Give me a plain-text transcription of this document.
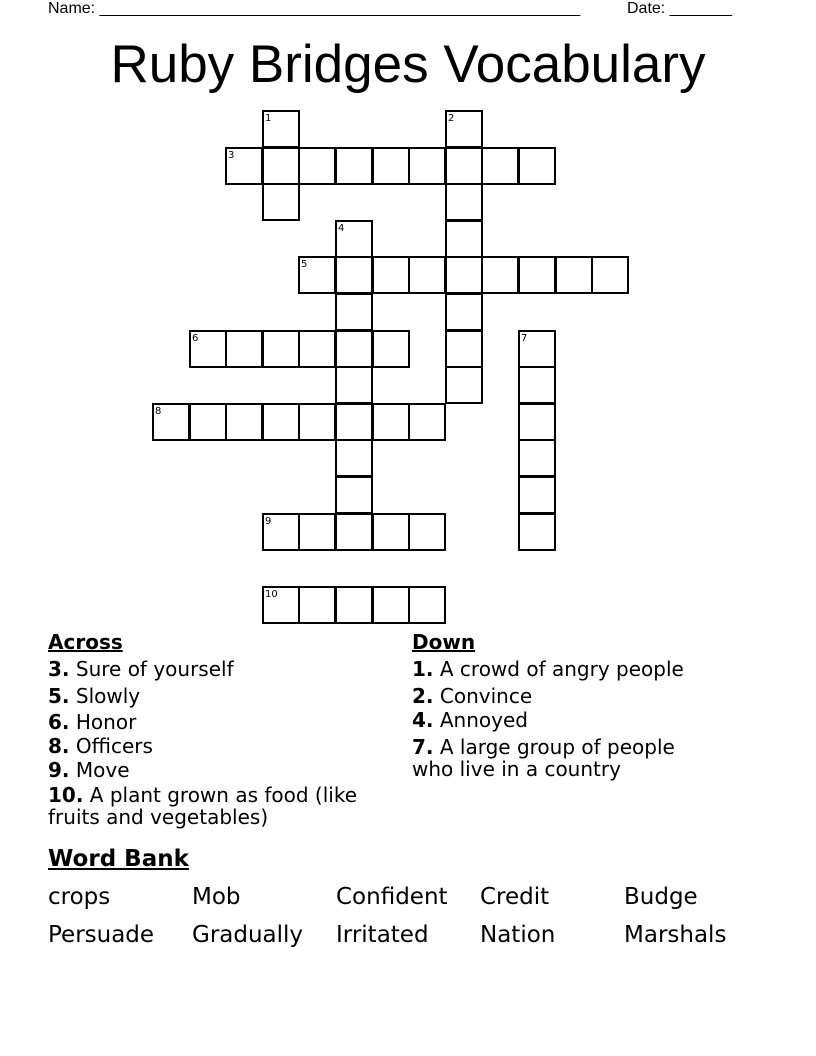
Name: ______________________________________________________	Date: _______
Ruby Bridges Vocabulary
1	2
3
4
5
6	7
8
9
10
Across
3. Sure of yourself
5. Slowly
6. Honor
8. Officers
9. Move
10. A plant grown as food (like
fruits and vegetables)
Down
1. A crowd of angry people
2. Convince
4. Annoyed
7. A large group of people
who live in a country
Word Bank
crops	Mob	Confident Credit	Budge
Persuade Gradually Irritated Nation	Marshals
